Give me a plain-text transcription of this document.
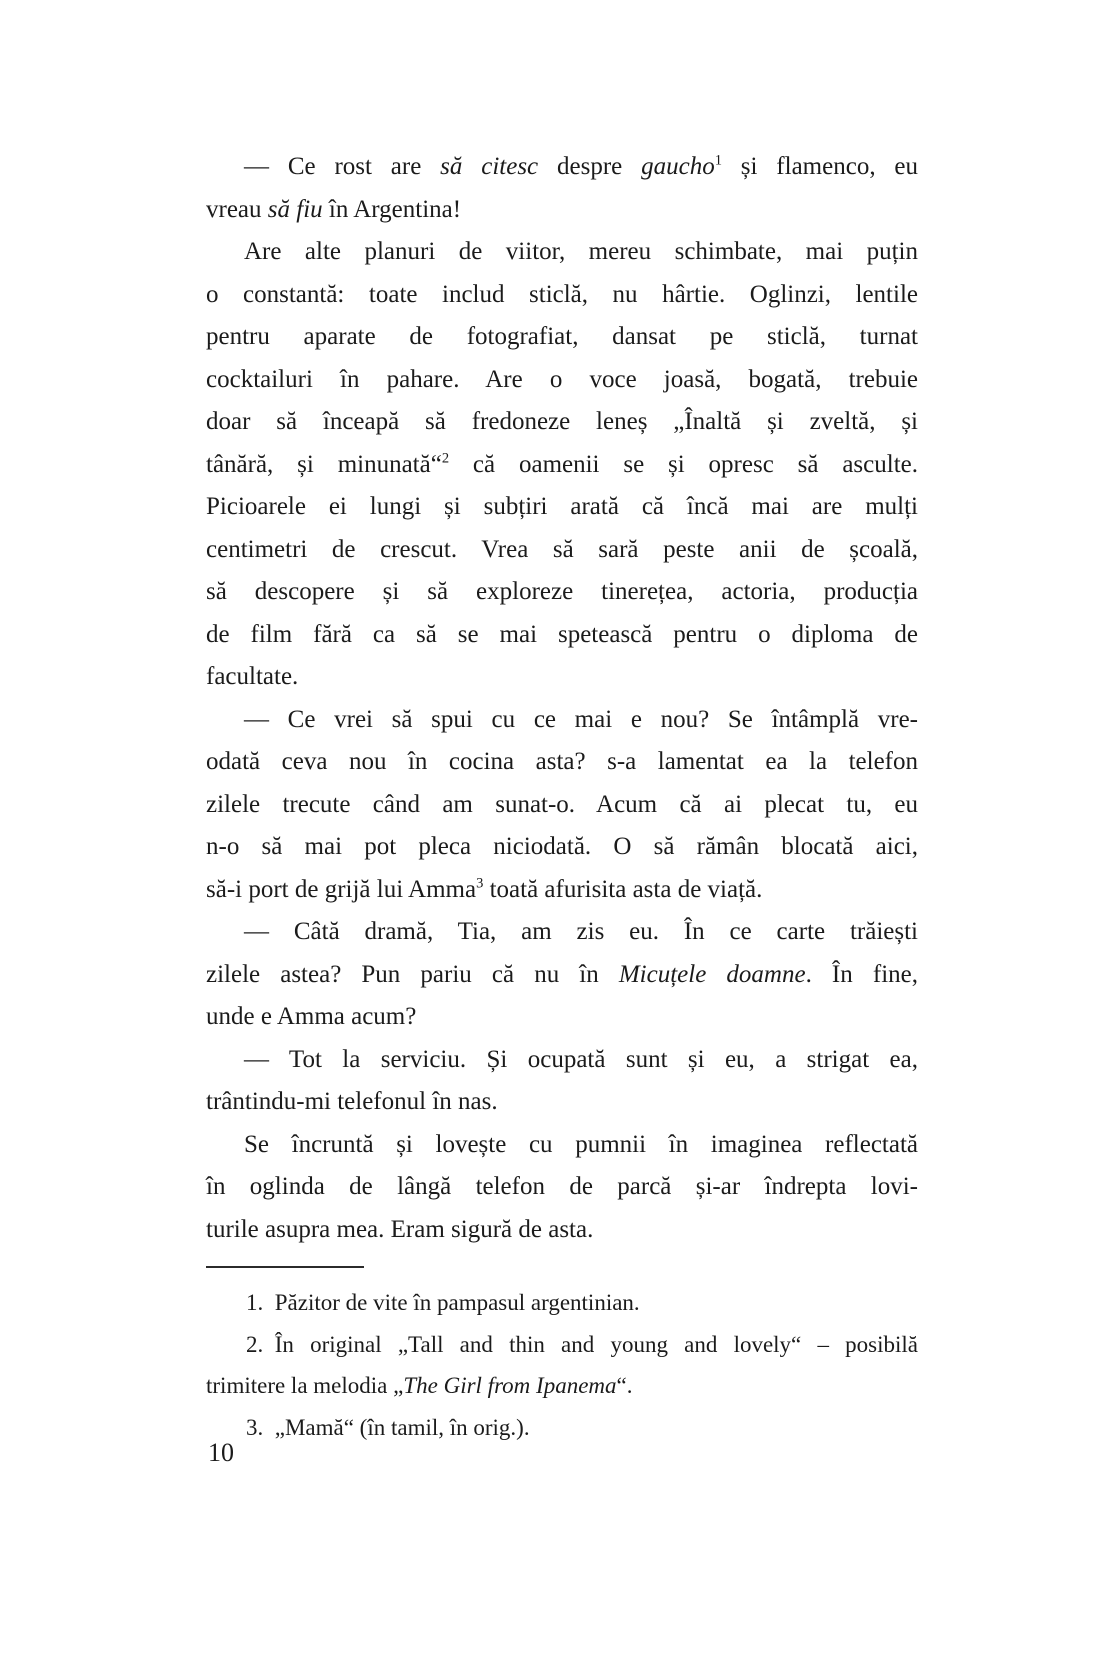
— Ce rost are să citesc despre gaucho$^1$ și flamenco, eu
vreau să fiu în Argentina!
Are alte planuri de viitor, mereu schimbate, mai puțin
o constantă: toate includ sticlă, nu hârtie. Oglinzi, lentile
pentru aparate de fotografiat, dansat pe sticlă, turnat
cocktailuri în pahare. Are o voce joasă, bogată, trebuie
doar să înceapă să fredoneze leneș „Înaltă și zveltă, și
tânără, și minunată“$^2$ că oamenii se și opresc să asculte.
Picioarele ei lungi și subțiri arată că încă mai are mulți
centimetri de crescut. Vrea să sară peste anii de școală,
să descopere și să exploreze tinerețea, actoria, producția
de film fără ca să se mai spetească pentru o diploma de
facultate.
— Ce vrei să spui cu ce mai e nou? Se întâmplă vre-
odată ceva nou în cocina asta? s-a lamentat ea la telefon
zilele trecute când am sunat-o. Acum că ai plecat tu, eu
n-o să mai pot pleca niciodată. O să rămân blocată aici,
să-i port de grijă lui Amma$^3$ toată afurisita asta de viață.
— Câtă dramă, Tia, am zis eu. În ce carte trăiești
zilele astea? Pun pariu că nu în Micuțele doamne. În fine,
unde e Amma acum?
— Tot la serviciu. Și ocupată sunt și eu, a strigat ea,
trântindu-mi telefonul în nas.
Se încruntă și lovește cu pumnii în imaginea reflectată
în oglinda de lângă telefon de parcă și-ar îndrepta lovi-
turile asupra mea. Eram sigură de asta.
1. Păzitor de vite în pampasul argentinian.
2. În original „Tall and thin and young and lovely“ – posibilă
trimitere la melodia „The Girl from Ipanema“.
3. „Mamă“ (în tamil, în orig.).
10
